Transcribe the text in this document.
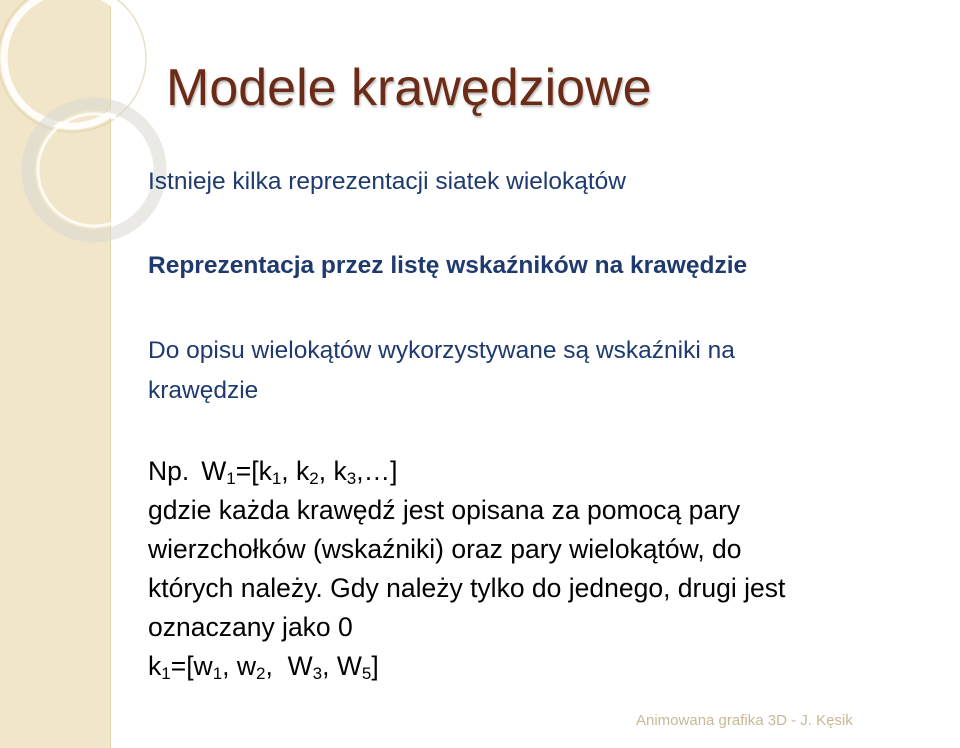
Modele krawędziowe
Istnieje kilka reprezentacji siatek wielokątów
Reprezentacja przez listę wskaźników na krawędzie
Do opisu wielokątów wykorzystywane są wskaźniki na
krawędzie
Np. $W_1=[k_1$, $k_2$, $k_3,\dots$]
gdzie każda krawędź jest opisana za pomocą pary
wierzchołków (wskaźniki) oraz pary wielokątów, do
których należy. Gdy należy tylko do jednego, drugi jest
oznaczany jako 0
$k_1=[w_1$, $w_2$,  $W_3$, $W_5$]
Animowana grafika 3D - J. Kęsik
